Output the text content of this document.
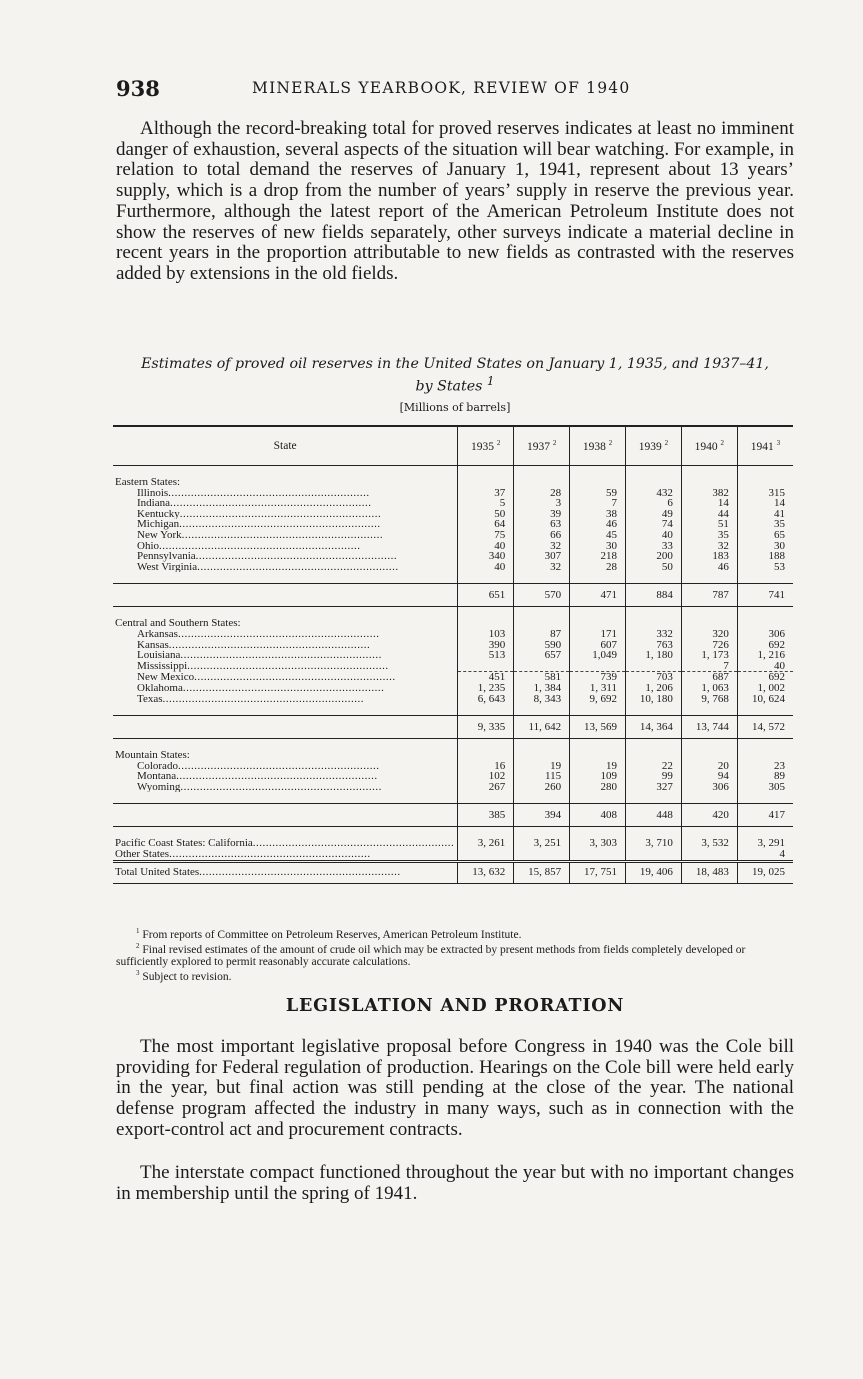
938	MINERALS YEARBOOK, REVIEW OF 1940

Although the record-breaking total for proved reserves indicates at least no imminent danger of exhaustion, several aspects of the situation will bear watching. For example, in relation to total demand the reserves of January 1, 1941, represent about 13 years’ supply, which is a drop from the number of years’ supply in reserve the previous year. Furthermore, although the latest report of the American Petroleum Institute does not show the reserves of new fields separately, other surveys indicate a material decline in recent years in the proportion attributable to new fields as contrasted with the reserves added by extensions in the old fields.

Estimates of proved oil reserves in the United States on January 1, 1935, and 1937–41,
by States $^1$
[Millions of barrels]
State	1935 $^2$	1937 $^2$	1938 $^2$	1939 $^2$	1940 $^2$	1941 $^3$

Eastern States:						
Illinois..............................................................	37	28	59	432	382	315
Indiana..............................................................	5	3	7	6	14	14
Kentucky..............................................................	50	39	38	49	44	41
Michigan..............................................................	64	63	46	74	51	35
New York..............................................................	75	66	45	40	35	65
Ohio..............................................................	40	32	30	33	32	30
Pennsylvania..............................................................	340	307	218	200	183	188
West Virginia..............................................................	40	32	28	50	46	53

	651	570	471	884	787	741

Central and Southern States:						
Arkansas..............................................................	103	87	171	332	320	306
Kansas..............................................................	390	590	607	763	726	692
Louisiana..............................................................	513	657	1,049	1, 180	1, 173	1, 216
Mississippi..............................................................					7	40
New Mexico..............................................................	451	581	739	703	687	692
Oklahoma..............................................................	1, 235	1, 384	1, 311	1, 206	1, 063	1, 002
Texas..............................................................	6, 643	8, 343	9, 692	10, 180	9, 768	10, 624

	9, 335	11, 642	13, 569	14, 364	13, 744	14, 572

Mountain States:						
Colorado..............................................................	16	19	19	22	20	23
Montana..............................................................	102	115	109	99	94	89
Wyoming..............................................................	267	260	280	327	306	305

	385	394	408	448	420	417

Pacific Coast States: California..............................................................	3, 261	3, 251	3, 303	3, 710	3, 532	3, 291
Other States..............................................................						4
Total United States..............................................................	13, 632	15, 857	17, 751	19, 406	18, 483	19, 025

$^1$ From reports of Committee on Petroleum Reserves, American Petroleum Institute.

$^2$ Final revised estimates of the amount of crude oil which may be extracted by present methods from fields completely developed or sufficiently explored to permit reasonably accurate calculations.

$^3$ Subject to revision.

LEGISLATION AND PRORATION

The most important legislative proposal before Congress in 1940 was the Cole bill providing for Federal regulation of production. Hearings on the Cole bill were held early in the year, but final action was still pending at the close of the year. The national defense program affected the industry in many ways, such as in connection with the export-control act and procurement contracts.

The interstate compact functioned throughout the year but with no important changes in membership until the spring of 1941.
